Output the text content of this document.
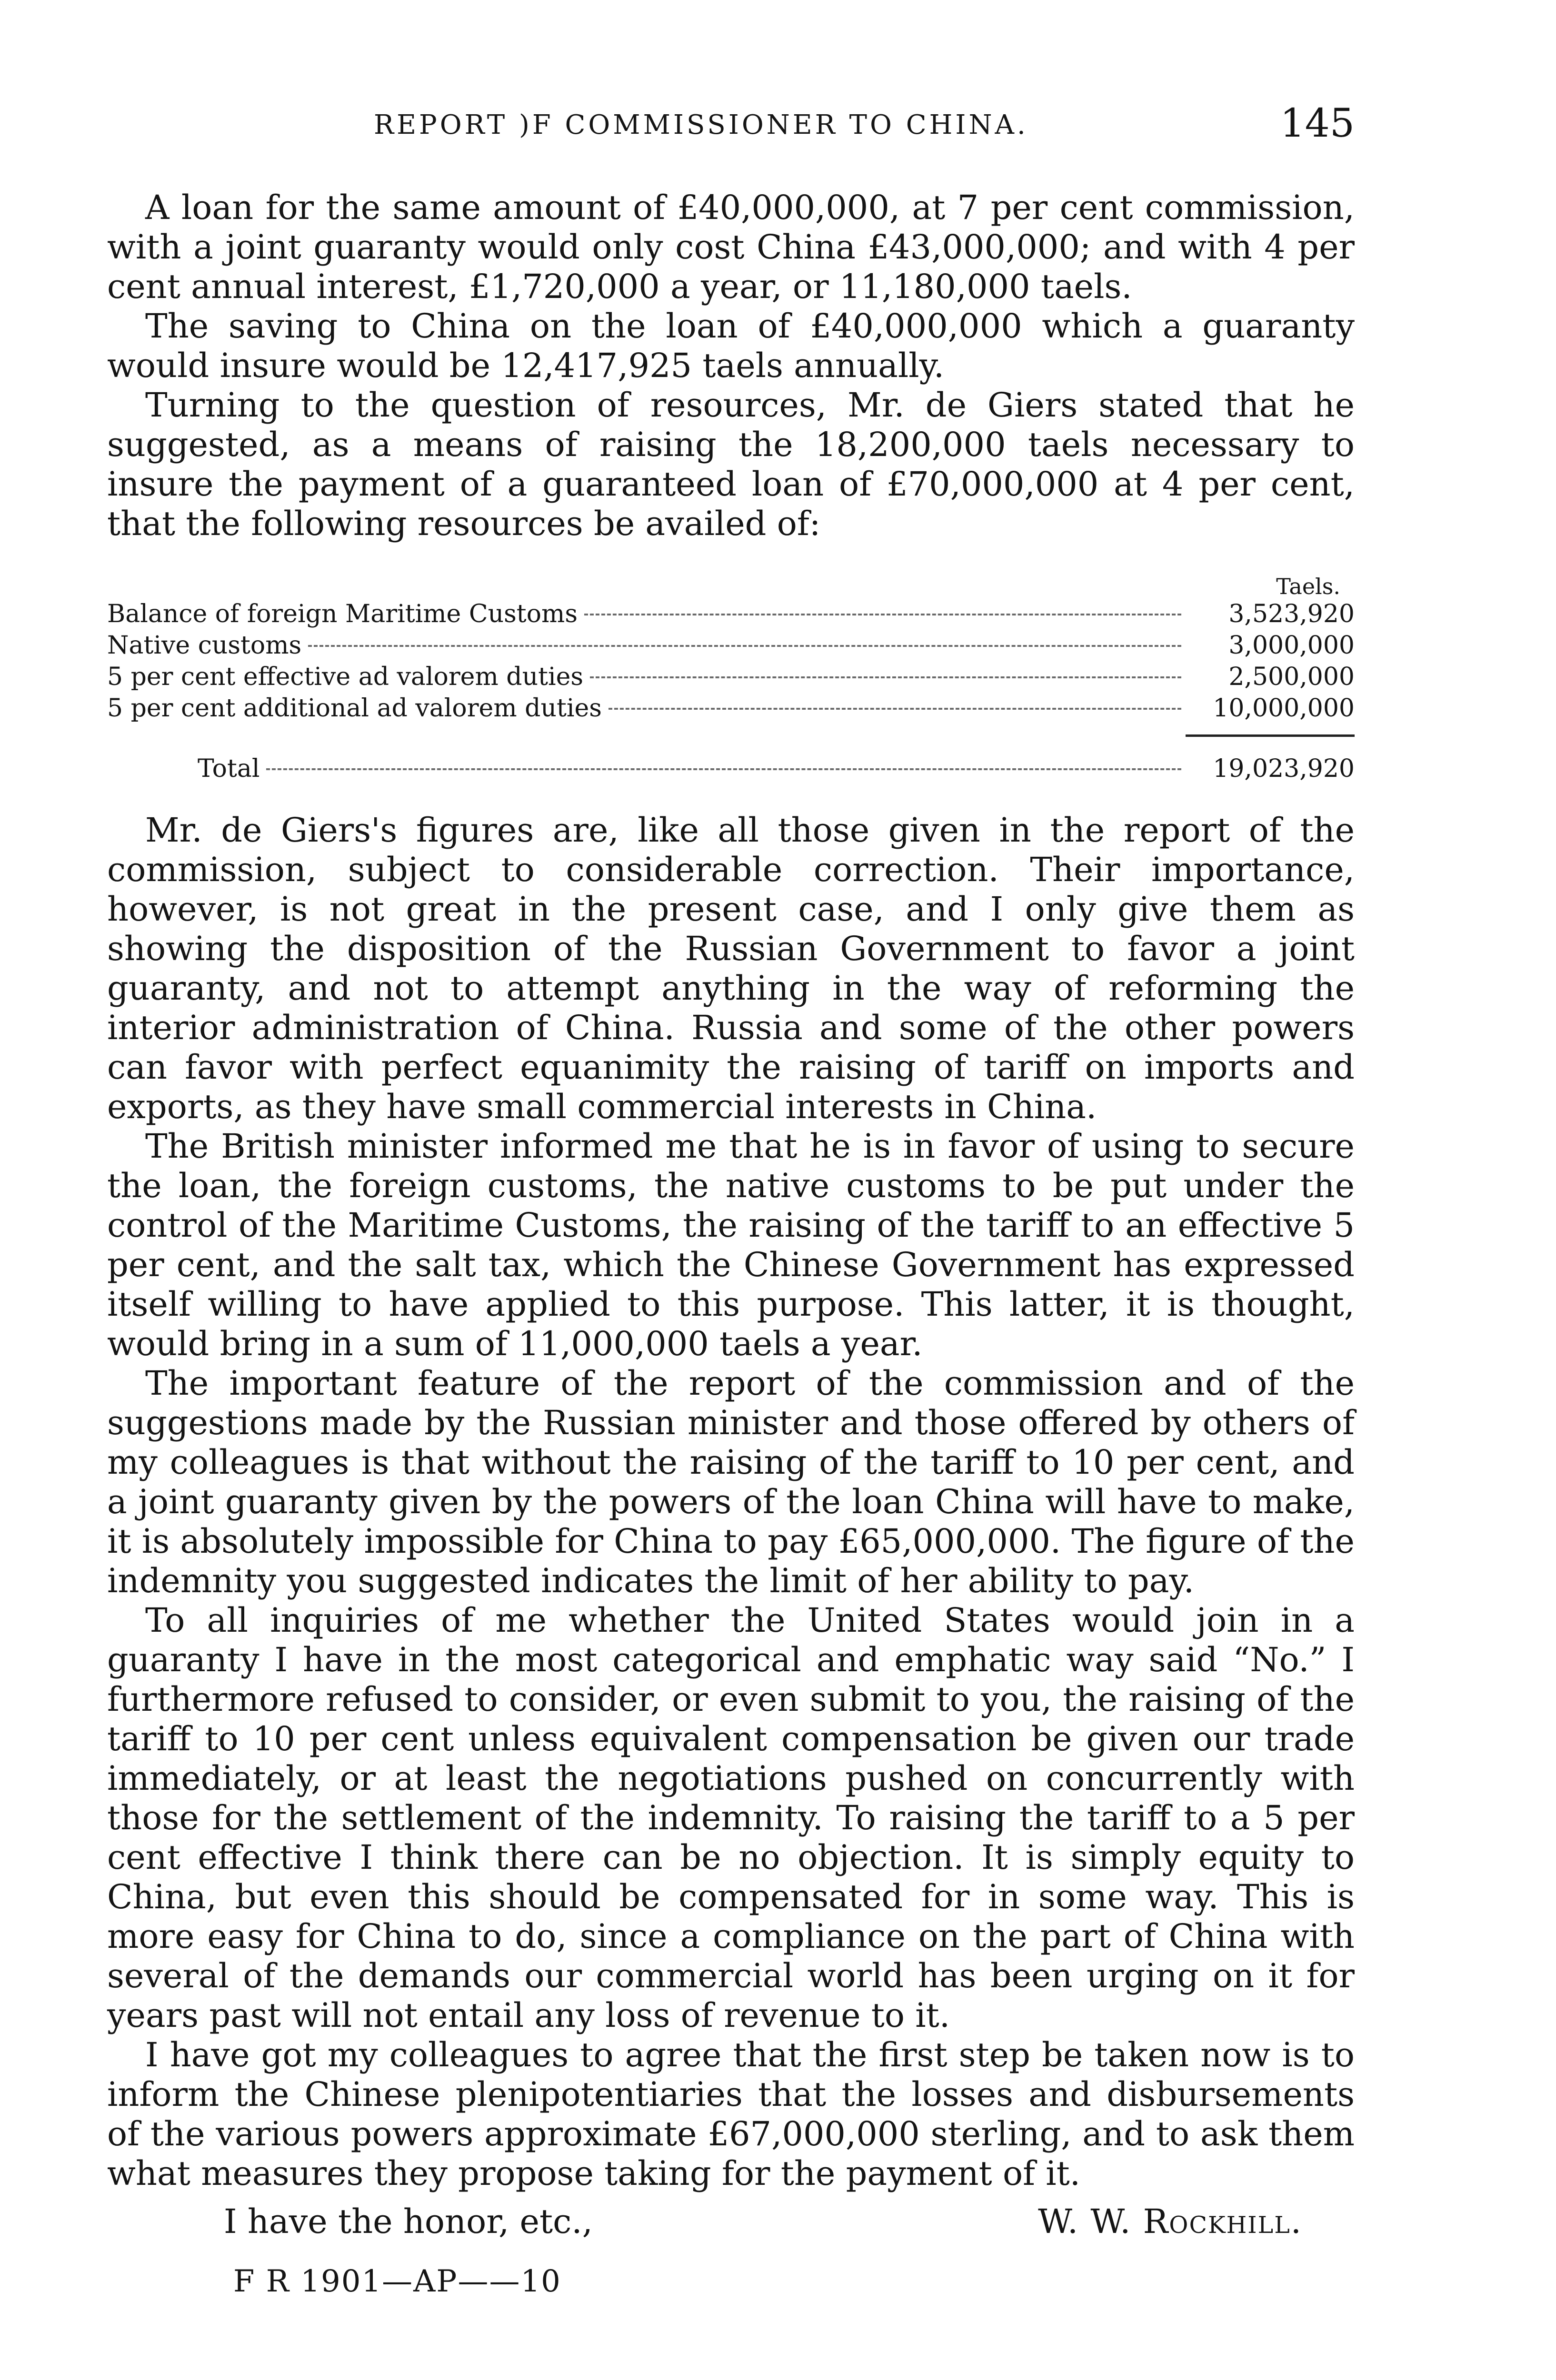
REPORT )F COMMISSIONER TO CHINA.	145

A loan for the same amount of £40,000,000, at 7 per cent commission, with a joint guaranty would only cost China £43,000,000; and with 4 per cent annual interest, £1,720,000 a year, or 11,180,000 taels.

The saving to China on the loan of £40,000,000 which a guaranty would insure would be 12,417,925 taels annually.

Turning to the question of resources, Mr. de Giers stated that he suggested, as a means of raising the 18,200,000 taels necessary to insure the payment of a guaranteed loan of £70,000,000 at 4 per cent, that the following resources be availed of:

Taels.
Balance of foreign Maritime Customs	3,523,920
Native customs	3,000,000
5 per cent effective ad valorem duties	2,500,000
5 per cent additional ad valorem duties	10,000,000
Total	19,023,920

Mr. de Giers's figures are, like all those given in the report of the commission, subject to considerable correction. Their importance, however, is not great in the present case, and I only give them as showing the disposition of the Russian Government to favor a joint guaranty, and not to attempt anything in the way of reforming the interior administration of China. Russia and some of the other powers can favor with perfect equanimity the raising of tariff on imports and exports, as they have small commercial interests in China.

The British minister informed me that he is in favor of using to secure the loan, the foreign customs, the native customs to be put under the control of the Maritime Customs, the raising of the tariff to an effective 5 per cent, and the salt tax, which the Chinese Government has expressed itself willing to have applied to this purpose. This latter, it is thought, would bring in a sum of 11,000,000 taels a year.

The important feature of the report of the commission and of the suggestions made by the Russian minister and those offered by others of my colleagues is that without the raising of the tariff to 10 per cent, and a joint guaranty given by the powers of the loan China will have to make, it is absolutely impossible for China to pay £65,000,000. The figure of the indemnity you suggested indicates the limit of her ability to pay.

To all inquiries of me whether the United States would join in a guaranty I have in the most categorical and emphatic way said “No.” I furthermore refused to consider, or even submit to you, the raising of the tariff to 10 per cent unless equivalent compensation be given our trade immediately, or at least the negotiations pushed on concurrently with those for the settlement of the indemnity. To raising the tariff to a 5 per cent effective I think there can be no objection. It is simply equity to China, but even this should be compensated for in some way. This is more easy for China to do, since a compliance on the part of China with several of the demands our commercial world has been urging on it for years past will not entail any loss of revenue to it.

I have got my colleagues to agree that the first step be taken now is to inform the Chinese plenipotentiaries that the losses and disbursements of the various powers approximate £67,000,000 sterling, and to ask them what measures they propose taking for the payment of it.

I have the honor, etc.,	W. W. Rockhill.
F R 1901—AP——10
